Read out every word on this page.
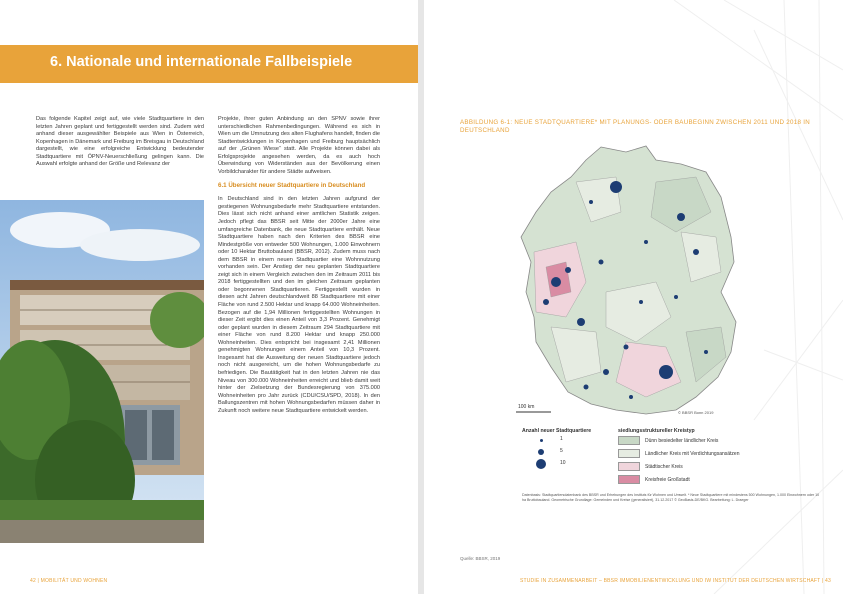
6. Nationale und internationale Fallbeispiele

Das folgende Kapitel zeigt auf, wie viele Stadtquartiere in den letzten Jahren geplant und fertiggestellt werden sind. Zudem wird anhand dieser ausgewählter Beispiele aus Wien in Österreich, Kopenhagen in Dänemark und Freiburg im Breisgau in Deutschland dargestellt, wie eine erfolgreiche Entwicklung bedeutender Stadtquartiere mit ÖPNV-Neuerschließung gelingen kann. Die Auswahl erfolgte anhand der Größe und Relevanz der

Projekte, ihrer guten Anbindung an den SPNV sowie ihrer unterschiedlichen Rahmenbedingungen. Während es sich in Wien um die Umnutzung des alten Flughafens handelt, finden die Stadtentwicklungen in Kopenhagen und Freiburg hauptsächlich auf der „Grünen Wiese“ statt. Alle Projekte können dabei als Erfolgsprojekte angesehen werden, da es auch hoch Überwindung von Widerständen aus der Bevölkerung einen Vorbildcharakter für andere Städte aufweisen.

6.1 Übersicht neuer Stadtquartiere in Deutschland

In Deutschland sind in den letzten Jahren aufgrund der gestiegenen Wohnungsbedarfe mehr Stadtquartiere entstanden. Dies lässt sich nicht anhand einer amtlichen Statistik zeigen. Jedoch pflegt das BBSR seit Mitte der 2000er Jahre eine umfangreiche Datenbank, die neue Stadtquartiere enthält. Neue Stadtquartiere haben nach den Kriterien des BBSR eine Mindestgröße von entweder 500 Wohnungen, 1.000 Einwohnern oder 10 Hektar Bruttobauland (BBSR, 2012). Zudem muss nach dem BBSR in einem neuen Stadtquartier eine Wohnnutzung vorhanden sein. Der Anstieg der neu geplanten Stadtquartiere zeigt sich in einem Vergleich zwischen den im Zeitraum 2011 bis 2018 fertiggestellten und den im gleichen Zeitraum geplanten oder begonnenen Stadtquartieren. Fertiggestellt wurden in diesen acht Jahren deutschlandweit 88 Stadtquartiere mit einer Fläche von rund 2.500 Hektar und knapp 64.000 Wohneinheiten. Bezogen auf die 1,94 Millionen fertiggestellten Wohnungen in dieser Zeit ergibt dies einen Anteil von 3,3 Prozent. Genehmigt oder geplant wurden in diesem Zeitraum 294 Stadtquartiere mit einer Fläche von rund 8.200 Hektar und knapp 250.000 Wohneinheiten. Dies entspricht bei insgesamt 2,41 Millionen genehmigten Wohnungen einem Anteil von 10,3 Prozent. Insgesamt hat die Ausweitung der neuen Stadtquartiere jedoch noch nicht ausgereicht, um die hohen Wohnungsbedarfe zu befriedigen. Die Bautätigkeit hat in den letzten Jahren nie das Niveau von 300.000 Wohneinheiten erreicht und blieb damit weit hinter der Zielsetzung der Bundesregierung von 375.000 Wohneinheiten pro Jahr zurück (CDU/CSU/SPD, 2018). In den Ballungszentren mit hohen Wohnungsbedarfen müssen daher in Zukunft noch weitere neue Stadtquartiere entwickelt werden.

42 | MOBILITÄT UND WOHNEN
ABBILDUNG 6-1: NEUE STADTQUARTIERE* MIT PLANUNGS- ODER BAUBEGINN ZWISCHEN 2011 UND 2018 IN DEUTSCHLAND
100 km
© BBSR Bonn 2019
Anzahl neuer Stadtquartiere
1
5
10
siedlungsstruktureller Kreistyp
Dünn besiedelter ländlicher Kreis
Ländlicher Kreis mit Verdichtungsansätzen
Städtischer Kreis
Kreisfreie Großstadt
Datenbasis: Stadtquartiersdatenbank des BBSR und Erhebungen des Instituts für Wohnen und Umwelt. * Neue Stadtquartiere mit mindestens 500 Wohnungen, 1.000 Einwohnern oder 10 ha Bruttobauland. Geometrische Grundlage: Gemeinden und Kreise (generalisiert), 31.12.2017 © GeoBasis-DE/BKG. Bearbeitung: L. Draeger
Quelle: BBSR, 2019
STUDIE IN ZUSAMMENARBEIT – BBSR IMMOBILIENENTWICKLUNG UND IW INSTITUT DER DEUTSCHEN WIRTSCHAFT | 43
